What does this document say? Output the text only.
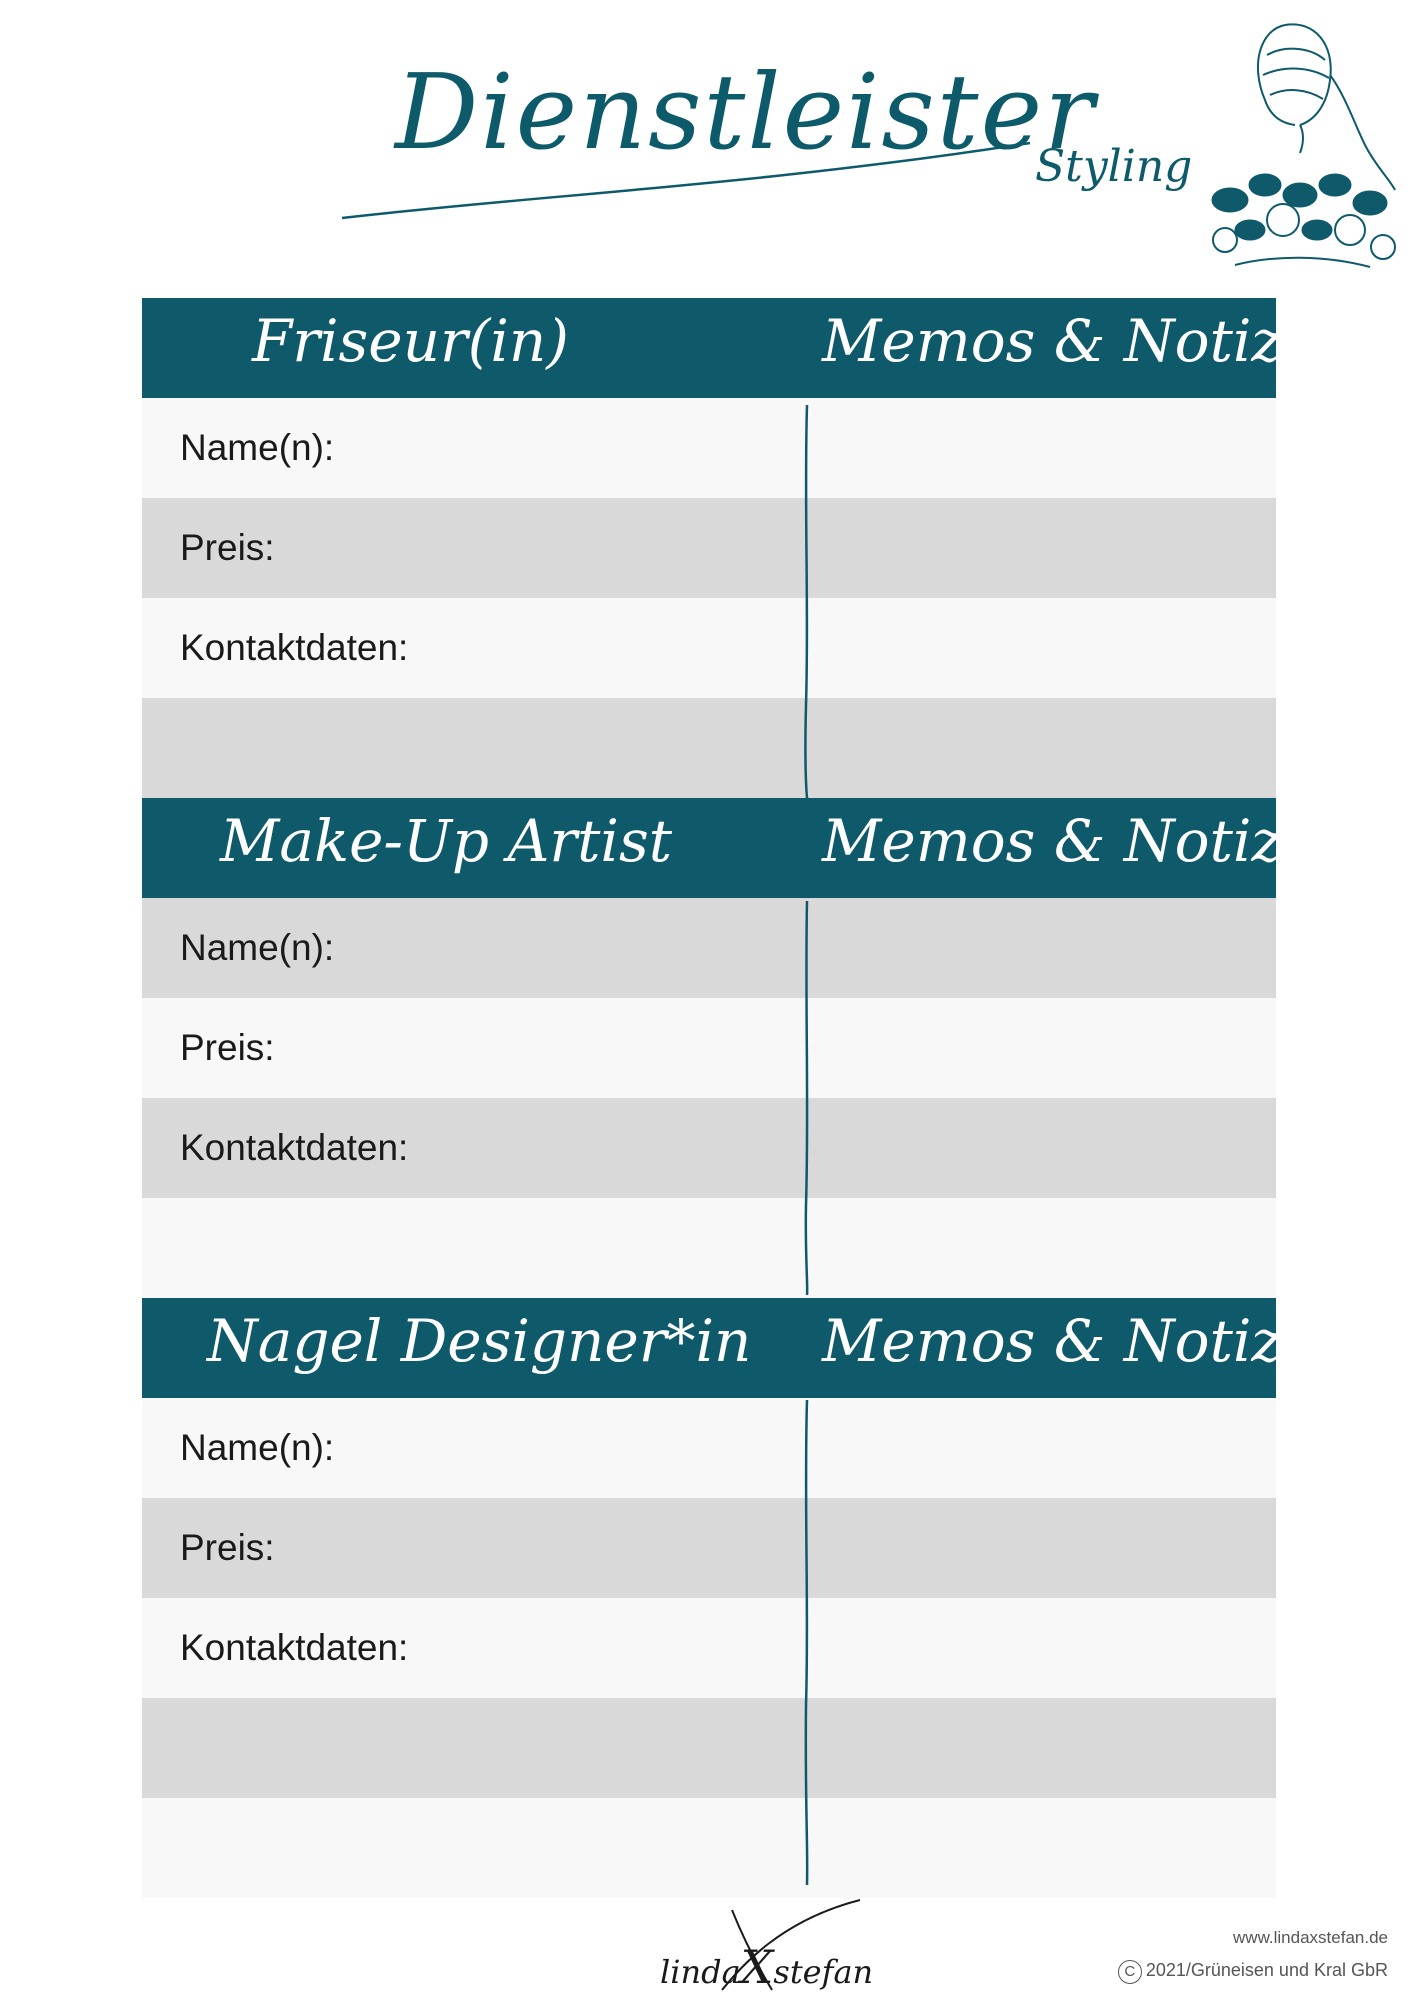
Dienstleister
Styling
Friseur(in)	Memos & Notizen
Name(n):
Preis:
Kontaktdaten:
Make-Up Artist	Memos & Notizen
Name(n):
Preis:
Kontaktdaten:
Nagel Designer*in Memos & Notizen
Name(n):
Preis:
Kontaktdaten:
lindaXstefan
www.lindaxstefan.de
C 2021/Grüneisen und Kral GbR
